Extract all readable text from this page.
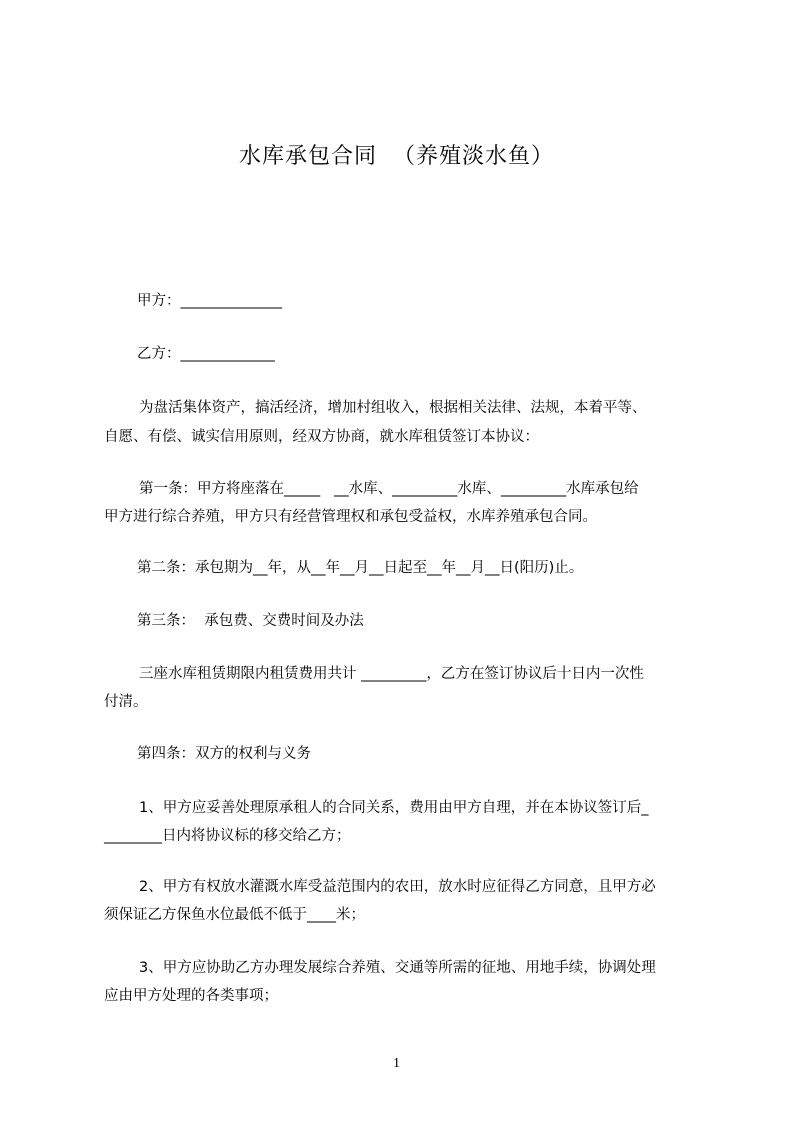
水库承包合同  （养殖淡水鱼）
甲方：______________
乙方：_____________
为盘活集体资产，搞活经济，增加村组收入，根据相关法律、法规，本着平等、
自愿、有偿、诚实信用原则，经双方协商，就水库租赁签订本协议：
第一条：甲方将座落在_____   __水库、_________水库、_________水库承包给
甲方进行综合养殖，甲方只有经营管理权和承包受益权，水库养殖承包合同。
第二条：承包期为__年，从__年__月__日起至__年__月__日(阳历)止。
第三条：  承包费、交费时间及办法
三座水库租赁期限内租赁费用共计 _________，乙方在签订协议后十日内一次性
付清。
第四条：双方的权利与义务
1、甲方应妥善处理原承租人的合同关系，费用由甲方自理，并在本协议签订后_
________日内将协议标的移交给乙方；
2、甲方有权放水灌溉水库受益范围内的农田，放水时应征得乙方同意，且甲方必
须保证乙方保鱼水位最低不低于____米；
3、甲方应协助乙方办理发展综合养殖、交通等所需的征地、用地手续，协调处理
应由甲方处理的各类事项；
1
